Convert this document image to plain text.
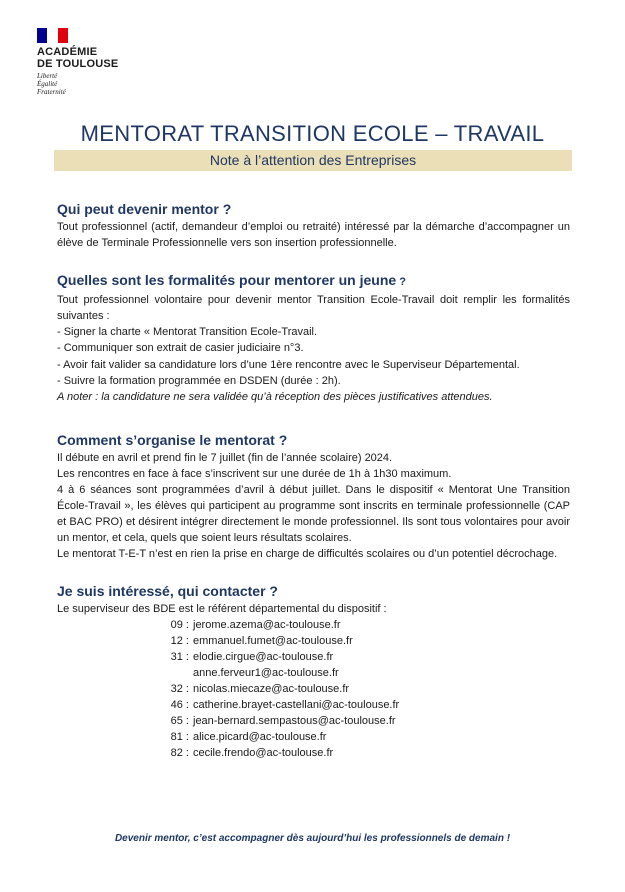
ACADÉMIE
DE TOULOUSE
Liberté
Égalité
Fraternité
MENTORAT TRANSITION ECOLE – TRAVAIL
Note à l’attention des Entreprises
Qui peut devenir mentor ?

Tout professionnel (actif, demandeur d’emploi ou retraité) intéressé par la démarche d’accompagner un élève de Terminale Professionnelle vers son insertion professionnelle.

Quelles sont les formalités pour mentorer un jeune ?

Tout professionnel volontaire pour devenir mentor Transition Ecole-Travail doit remplir les formalités suivantes :

- Signer la charte « Mentorat Transition Ecole-Travail.

- Communiquer son extrait de casier judiciaire n°3.

- Avoir fait valider sa candidature lors d’une 1ère rencontre avec le Superviseur Départemental.

- Suivre la formation programmée en DSDEN (durée : 2h).

A noter : la candidature ne sera validée qu’à réception des pièces justificatives attendues.

Comment s’organise le mentorat ?

Il débute en avril et prend fin le 7 juillet (fin de l’année scolaire) 2024.

Les rencontres en face à face s’inscrivent sur une durée de 1h à 1h30 maximum.

4 à 6 séances sont programmées d’avril à début juillet. Dans le dispositif « Mentorat Une Transition École-Travail », les élèves qui participent au programme sont inscrits en terminale professionnelle (CAP et BAC PRO) et désirent intégrer directement le monde professionnel. Ils sont tous volontaires pour avoir un mentor, et cela, quels que soient leurs résultats scolaires.

Le mentorat T-E-T n’est en rien la prise en charge de difficultés scolaires ou d’un potentiel décrochage.

Je suis intéressé, qui contacter ?

Le superviseur des BDE est le référent départemental du dispositif :

09 : jerome.azema@ac-toulouse.fr
12 : emmanuel.fumet@ac-toulouse.fr
31 : elodie.cirgue@ac-toulouse.fr
anne.ferveur1@ac-toulouse.fr
32 : nicolas.miecaze@ac-toulouse.fr
46 : catherine.brayet-castellani@ac-toulouse.fr
65 : jean-bernard.sempastous@ac-toulouse.fr
81 : alice.picard@ac-toulouse.fr
82 : cecile.frendo@ac-toulouse.fr
Devenir mentor, c’est accompagner dès aujourd’hui les professionnels de demain !
